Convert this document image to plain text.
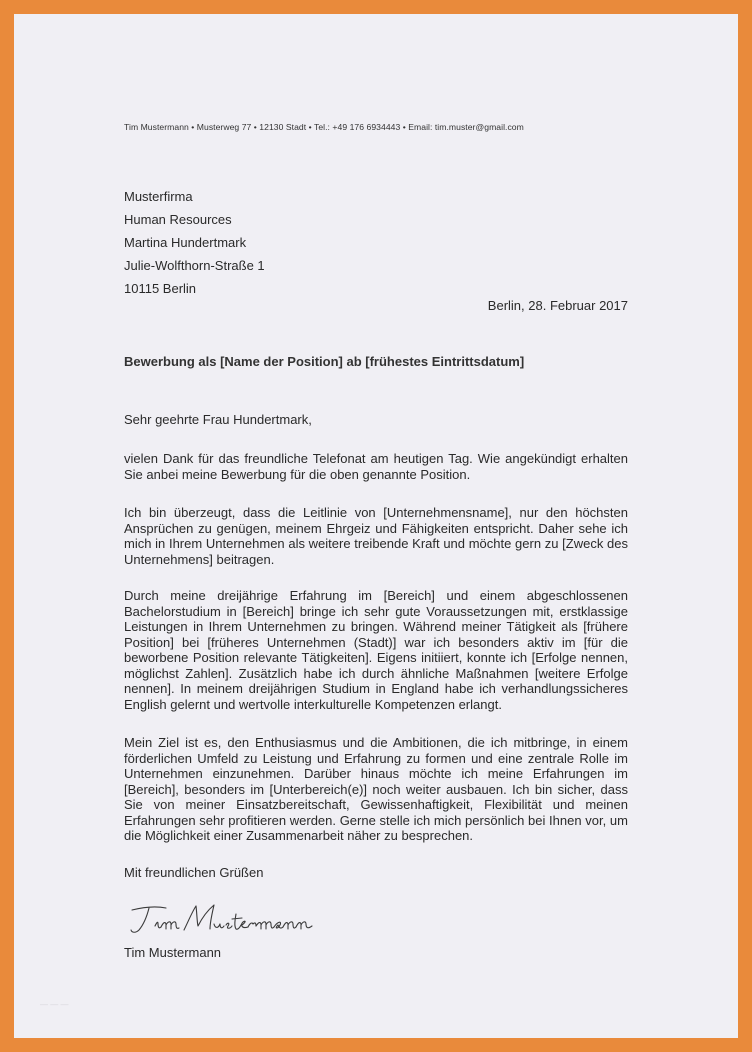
Tim Mustermann • Musterweg 77 • 12130 Stadt • Tel.: +49 176 6934443 • Email: tim.muster@gmail.com
Musterfirma
Human Resources
Martina Hundertmark
Julie-Wolfthorn-Straße 1
10115 Berlin
Berlin, 28. Februar 2017
Bewerbung als [Name der Position] ab [frühestes Eintrittsdatum]
Sehr geehrte Frau Hundertmark,
vielen Dank für das freundliche Telefonat am heutigen Tag. Wie angekündigt erhalten Sie anbei meine Bewerbung für die oben genannte Position.
Ich bin überzeugt, dass die Leitlinie von [Unternehmensname], nur den höchsten Ansprüchen zu genügen, meinem Ehrgeiz und Fähigkeiten entspricht. Daher sehe ich mich in Ihrem Unternehmen als weitere treibende Kraft und möchte gern zu [Zweck des Unternehmens] beitragen.
Durch meine dreijährige Erfahrung im [Bereich] und einem abgeschlossenen Bachelorstudium in [Bereich] bringe ich sehr gute Voraussetzungen mit, erstklassige Leistungen in Ihrem Unternehmen zu bringen. Während meiner Tätigkeit als [frühere Position] bei [früheres Unternehmen (Stadt)] war ich besonders aktiv im [für die beworbene Position relevante Tätigkeiten]. Eigens initiiert, konnte ich [Erfolge nennen, möglichst Zahlen]. Zusätzlich habe ich durch ähnliche Maßnahmen [weitere Erfolge nennen]. In meinem dreijährigen Studium in England habe ich verhandlungssicheres English gelernt und wertvolle interkulturelle Kompetenzen erlangt.
Mein Ziel ist es, den Enthusiasmus und die Ambitionen, die ich mitbringe, in einem förderlichen Umfeld zu Leistung und Erfahrung zu formen und eine zentrale Rolle im Unternehmen einzunehmen. Darüber hinaus möchte ich meine Erfahrungen im [Bereich], besonders im [Unterbereich(e)] noch weiter ausbauen. Ich bin sicher, dass Sie von meiner Einsatzbereitschaft, Gewissenhaftigkeit, Flexibilität und meinen Erfahrungen sehr profitieren werden. Gerne stelle ich mich persönlich bei Ihnen vor, um die Möglichkeit einer Zusammenarbeit näher zu besprechen.
Mit freundlichen Grüßen
Tim Mustermann
— — —
